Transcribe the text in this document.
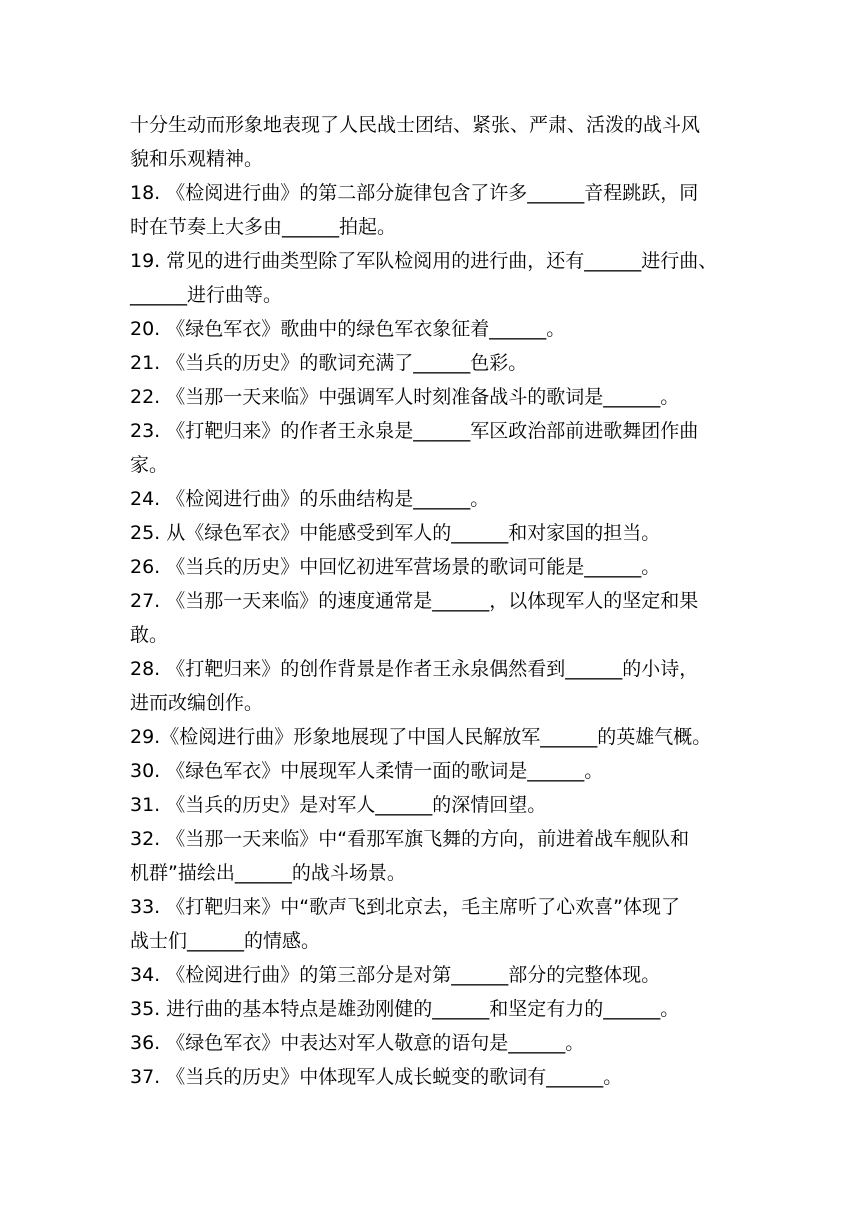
十分生动而形象地表现了人民战士团结、紧张、严肃、活泼的战斗风
貌和乐观精神。
18. 《检阅进行曲》的第二部分旋律包含了许多______音程跳跃，同
时在节奏上大多由______拍起。
19. 常见的进行曲类型除了军队检阅用的进行曲，还有______进行曲、
______进行曲等。
20. 《绿色军衣》歌曲中的绿色军衣象征着______。
21. 《当兵的历史》的歌词充满了______色彩。
22. 《当那一天来临》中强调军人时刻准备战斗的歌词是______。
23. 《打靶归来》的作者王永泉是______军区政治部前进歌舞团作曲
家。
24. 《检阅进行曲》的乐曲结构是______。
25. 从《绿色军衣》中能感受到军人的______和对家国的担当。
26. 《当兵的历史》中回忆初进军营场景的歌词可能是______。
27. 《当那一天来临》的速度通常是______，以体现军人的坚定和果
敢。
28. 《打靶归来》的创作背景是作者王永泉偶然看到______的小诗，
进而改编创作。
29.《检阅进行曲》形象地展现了中国人民解放军______的英雄气概。
30. 《绿色军衣》中展现军人柔情一面的歌词是______。
31. 《当兵的历史》是对军人______的深情回望。
32. 《当那一天来临》中“看那军旗飞舞的方向，前进着战车舰队和
机群”描绘出______的战斗场景。
33. 《打靶归来》中“歌声飞到北京去，毛主席听了心欢喜”体现了
战士们______的情感。
34. 《检阅进行曲》的第三部分是对第______部分的完整体现。
35. 进行曲的基本特点是雄劲刚健的______和坚定有力的______。
36. 《绿色军衣》中表达对军人敬意的语句是______。
37. 《当兵的历史》中体现军人成长蜕变的歌词有______。
